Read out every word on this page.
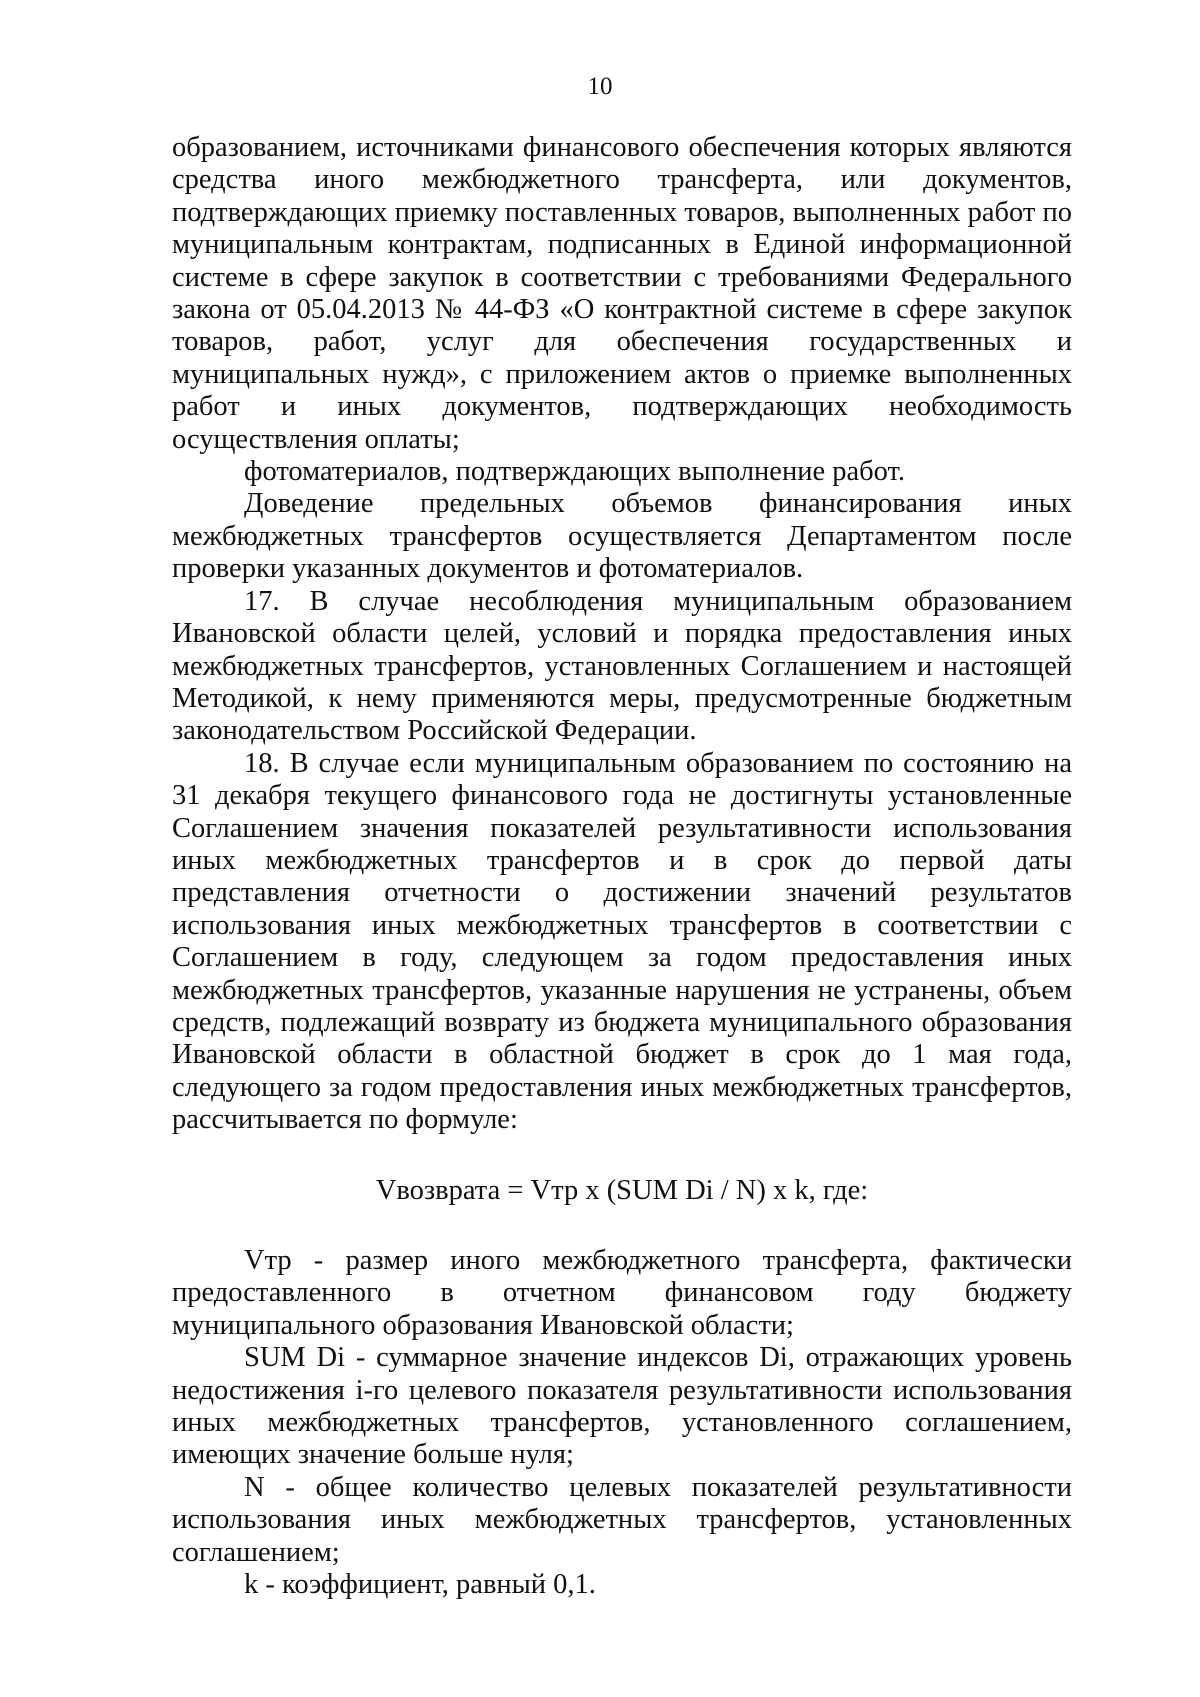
10

образованием, источниками финансового обеспечения которых являются средства иного межбюджетного трансферта, или документов, подтверждающих приемку поставленных товаров, выполненных работ по муниципальным контрактам, подписанных в Единой информационной системе в сфере закупок в соответствии с требованиями Федерального закона от 05.04.2013 № 44-ФЗ «О контрактной системе в сфере закупок товаров, работ, услуг для обеспечения государственных и муниципальных нужд», с приложением актов о приемке выполненных работ и иных документов, подтверждающих необходимость осуществления оплаты;

фотоматериалов, подтверждающих выполнение работ.

Доведение предельных объемов финансирования иных межбюджетных трансфертов осуществляется Департаментом после проверки указанных документов и фотоматериалов.

17. В случае несоблюдения муниципальным образованием Ивановской области целей, условий и порядка предоставления иных межбюджетных трансфертов, установленных Соглашением и настоящей Методикой, к нему применяются меры, предусмотренные бюджетным законодательством Российской Федерации.

18. В случае если муниципальным образованием по состоянию на 31 декабря текущего финансового года не достигнуты установленные Соглашением значения показателей результативности использования иных межбюджетных трансфертов и в срок до первой даты представления отчетности о достижении значений результатов использования иных межбюджетных трансфертов в соответствии с Соглашением в году, следующем за годом предоставления иных межбюджетных трансфертов, указанные нарушения не устранены, объем средств, подлежащий возврату из бюджета муниципального образования Ивановской области в областной бюджет в срок до 1 мая года, следующего за годом предоставления иных межбюджетных трансфертов, рассчитывается по формуле:

Vвозврата = Vтр x (SUM Di / N) x k, где:

Vтр - размер иного межбюджетного трансферта, фактически предоставленного в отчетном финансовом году бюджету муниципального образования Ивановской области;

SUM Di - суммарное значение индексов Di, отражающих уровень недостижения i-го целевого показателя результативности использования иных межбюджетных трансфертов, установленного соглашением, имеющих значение больше нуля;

N - общее количество целевых показателей результативности использования иных межбюджетных трансфертов, установленных соглашением;

k - коэффициент, равный 0,1.
